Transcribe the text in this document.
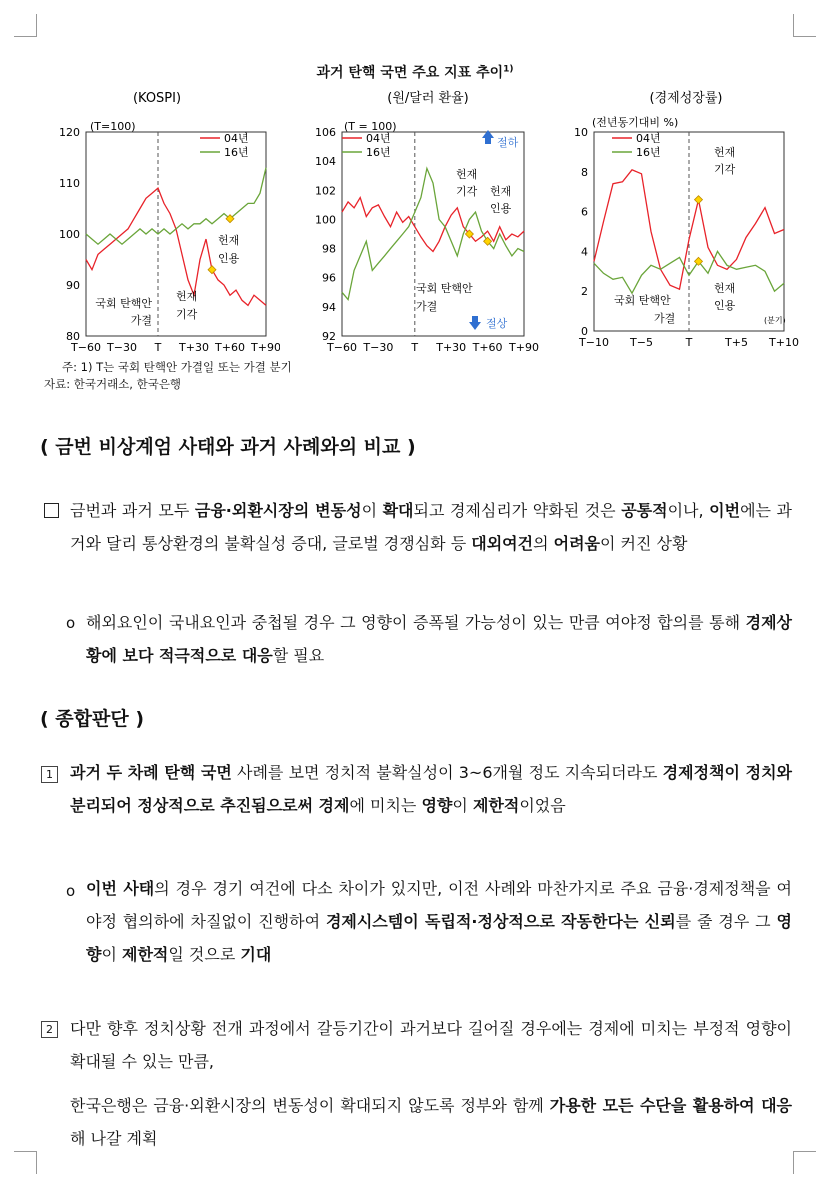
과거 탄핵 국면 주요 지표 추이$^{1)}$
(KOSPI)
(T=100)
80
90
100
110
120
T−60 T−30 T T+30 T+60 T+90
04년
16년
헌재
인용
헌재
기각
국회 탄핵안
가결
(원/달러 환율)
(T = 100)
92
94
96
98
100
102
104
106
T−60 T−30 T T+30 T+60 T+90
04년
16년
절하
절상
헌재
기각 헌재
인용
국회 탄핵안
가결
(경제성장률)
(전년동기대비 %)
(분기)
0
2
4
6
8
10
T−10 T−5	T	T+5 T+10
04년
16년	헌재
기각
헌재
인용
국회 탄핵안
가결
주: 1) T는 국회 탄핵안 가결일 또는 가결 분기
자료: 한국거래소, 한국은행
( 금번 비상계엄 사태와 과거 사례와의 비교 )
금번과 과거 모두 금융·외환시장의 변동성이 확대되고 경제심리가 약화된 것은 공통적이나, 이번에는 과거와 달리 통상환경의 불확실성 증대, 글로벌 경쟁심화 등 대외여건의 어려움이 커진 상황
o 해외요인이 국내요인과 중첩될 경우 그 영향이 증폭될 가능성이 있는 만큼 여야정 합의를 통해 경제상황에 보다 적극적으로 대응할 필요
( 종합판단 )
1	과거 두 차례 탄핵 국면 사례를 보면 정치적 불확실성이 3~6개월 정도 지속되더라도 경제정책이 정치와 분리되어 정상적으로 추진됨으로써 경제에 미치는 영향이 제한적이었음
o 이번 사태의 경우 경기 여건에 다소 차이가 있지만, 이전 사례와 마찬가지로 주요 금융·경제정책을 여야정 협의하에 차질없이 진행하여 경제시스템이 독립적·정상적으로 작동한다는 신뢰를 줄 경우 그 영향이 제한적일 것으로 기대
2	다만 향후 정치상황 전개 과정에서 갈등기간이 과거보다 길어질 경우에는 경제에 미치는 부정적 영향이 확대될 수 있는 만큼,
한국은행은 금융·외환시장의 변동성이 확대되지 않도록 정부와 함께 가용한 모든 수단을 활용하여 대응해 나갈 계획
